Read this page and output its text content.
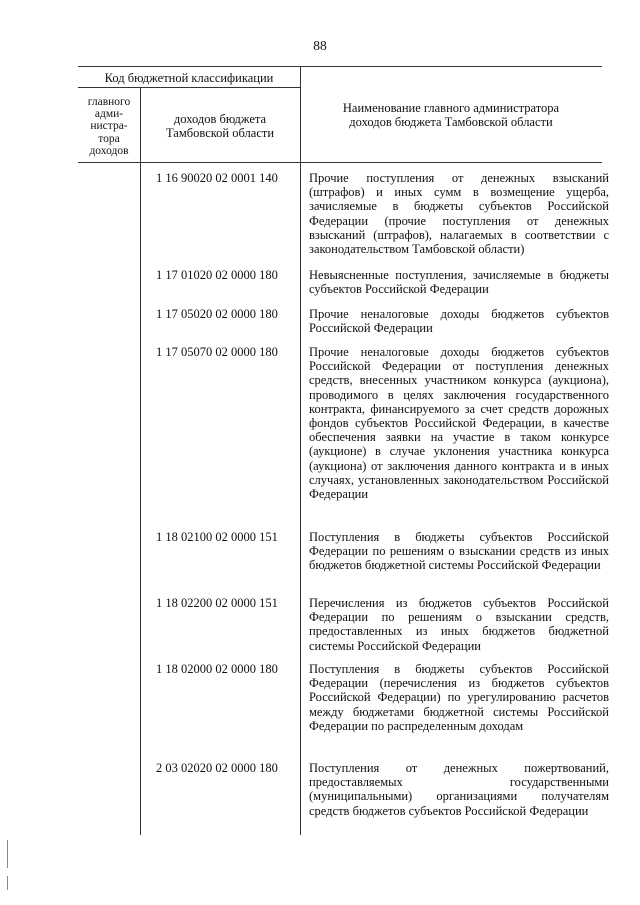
88
Код бюджетной классификации
главного
адми-
нистра-
тора
доходов
доходов бюджета
Тамбовской области
Наименование главного администратора
доходов бюджета Тамбовской области
1 16 90020 02 0001 140 Прочие поступления от денежных взысканий (штрафов) и иных сумм в возмещение ущерба, зачисляемые в бюджеты субъектов Российской Федерации (прочие поступления от денежных взысканий (штрафов), налагаемых в соответствии с законодательством Тамбовской области)
1 17 01020 02 0000 180 Невыясненные поступления, зачисляемые в бюджеты субъектов Российской Федерации
1 17 05020 02 0000 180 Прочие неналоговые доходы бюджетов субъектов Российской Федерации
1 17 05070 02 0000 180 Прочие неналоговые доходы бюджетов субъектов Российской Федерации от поступления денежных средств, внесенных участником конкурса (аукциона), проводимого в целях заключения государственного контракта, финансируемого за счет средств дорожных фондов субъектов Российской Федерации, в качестве обеспечения заявки на участие в таком конкурсе (аукционе) в случае уклонения участника конкурса (аукциона) от заключения данного контракта и в иных случаях, установленных законодательством Российской Федерации
1 18 02100 02 0000 151 Поступления в бюджеты субъектов Российской Федерации по решениям о взыскании средств из иных бюджетов бюджетной системы Российской Федерации
1 18 02200 02 0000 151 Перечисления из бюджетов субъектов Российской Федерации по решениям о взыскании средств, предоставленных из иных бюджетов бюджетной системы Российской Федерации
1 18 02000 02 0000 180 Поступления в бюджеты субъектов Российской Федерации (перечисления из бюджетов субъектов Российской Федерации) по урегулированию расчетов между бюджетами бюджетной системы Российской Федерации по распределенным доходам
2 03 02020 02 0000 180 Поступления от денежных пожертвований, предоставляемых государственными (муниципальными) организациями получателям средств бюджетов субъектов Российской Федерации
